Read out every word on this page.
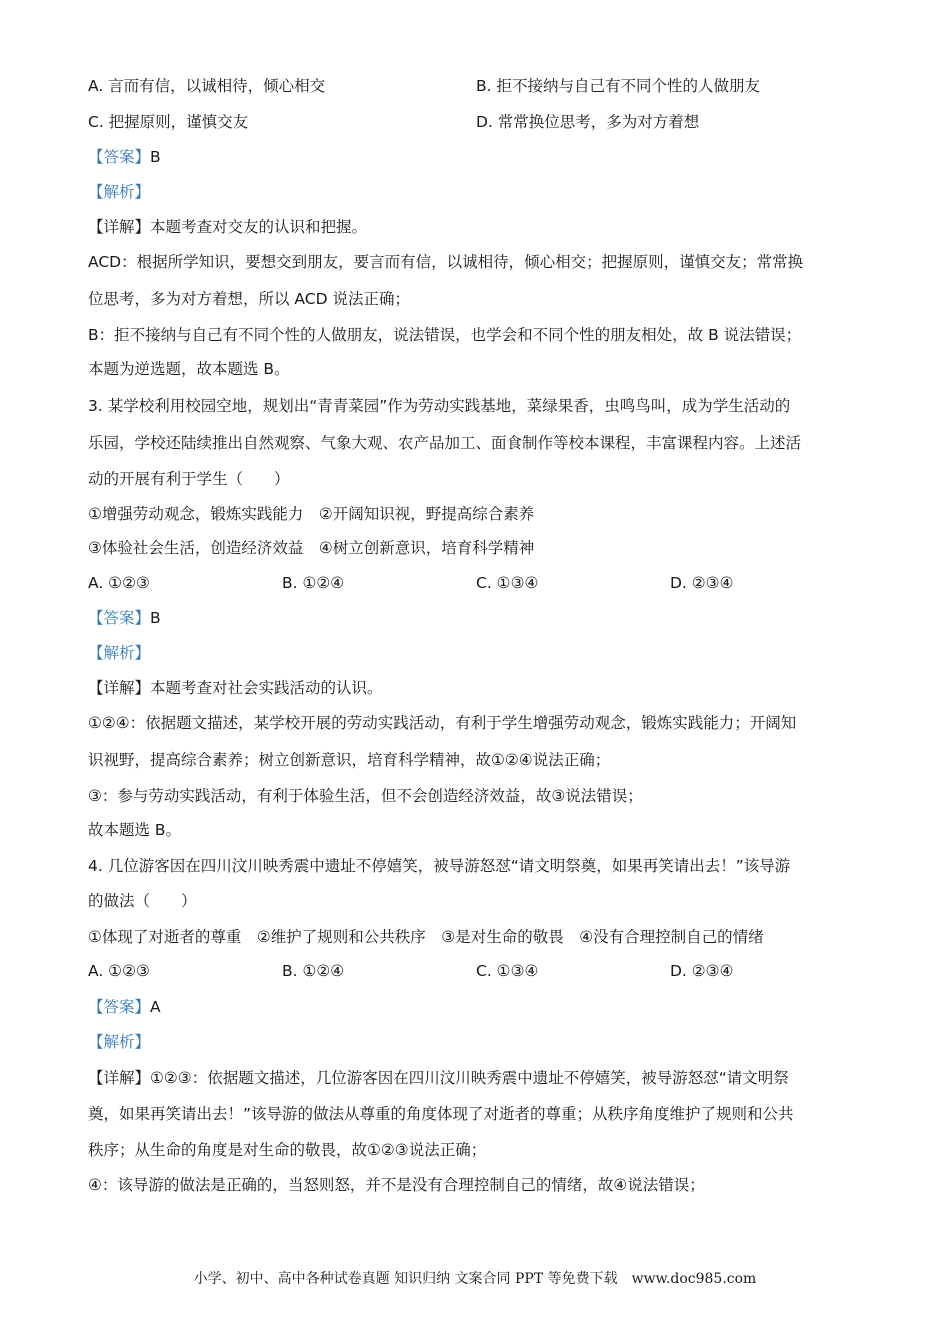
A. 言而有信，以诚相待，倾心相交	B. 拒不接纳与自己有不同个性的人做朋友
C. 把握原则，谨慎交友	D. 常常换位思考，多为对方着想
【答案】B
【解析】
【详解】本题考查对交友的认识和把握。
ACD：根据所学知识，要想交到朋友，要言而有信，以诚相待，倾心相交；把握原则，谨慎交友；常常换
位思考，多为对方着想，所以 ACD 说法正确；
B：拒不接纳与自己有不同个性的人做朋友，说法错误，也学会和不同个性的朋友相处，故 B 说法错误；
本题为逆选题，故本题选 B。
3. 某学校利用校园空地，规划出“青青菜园”作为劳动实践基地，菜绿果香，虫鸣鸟叫，成为学生活动的
乐园，学校还陆续推出自然观察、气象大观、农产品加工、面食制作等校本课程，丰富课程内容。上述活
动的开展有利于学生（　　）
①增强劳动观念，锻炼实践能力　②开阔知识视，野提高综合素养
③体验社会生活，创造经济效益　④树立创新意识，培育科学精神
A. ①②③	B. ①②④	C. ①③④	D. ②③④
【答案】B
【解析】
【详解】本题考查对社会实践活动的认识。
①②④：依据题文描述，某学校开展的劳动实践活动，有利于学生增强劳动观念，锻炼实践能力；开阔知
识视野，提高综合素养；树立创新意识，培育科学精神，故①②④说法正确；
③：参与劳动实践活动，有利于体验生活，但不会创造经济效益，故③说法错误；
故本题选 B。
4. 几位游客因在四川汶川映秀震中遗址不停嬉笑，被导游怒怼“请文明祭奠，如果再笑请出去！”该导游
的做法（　　）
①体现了对逝者的尊重　②维护了规则和公共秩序　③是对生命的敬畏　④没有合理控制自己的情绪
A. ①②③	B. ①②④	C. ①③④	D. ②③④
【答案】A
【解析】
【详解】①②③：依据题文描述，几位游客因在四川汶川映秀震中遗址不停嬉笑，被导游怒怼“请文明祭
奠，如果再笑请出去！”该导游的做法从尊重的角度体现了对逝者的尊重；从秩序角度维护了规则和公共
秩序；从生命的角度是对生命的敬畏，故①②③说法正确；
④：该导游的做法是正确的，当怒则怒，并不是没有合理控制自己的情绪，故④说法错误；
小学、初中、高中各种试卷真题 知识归纳 文案合同 PPT 等免费下载　www.doc985.com
